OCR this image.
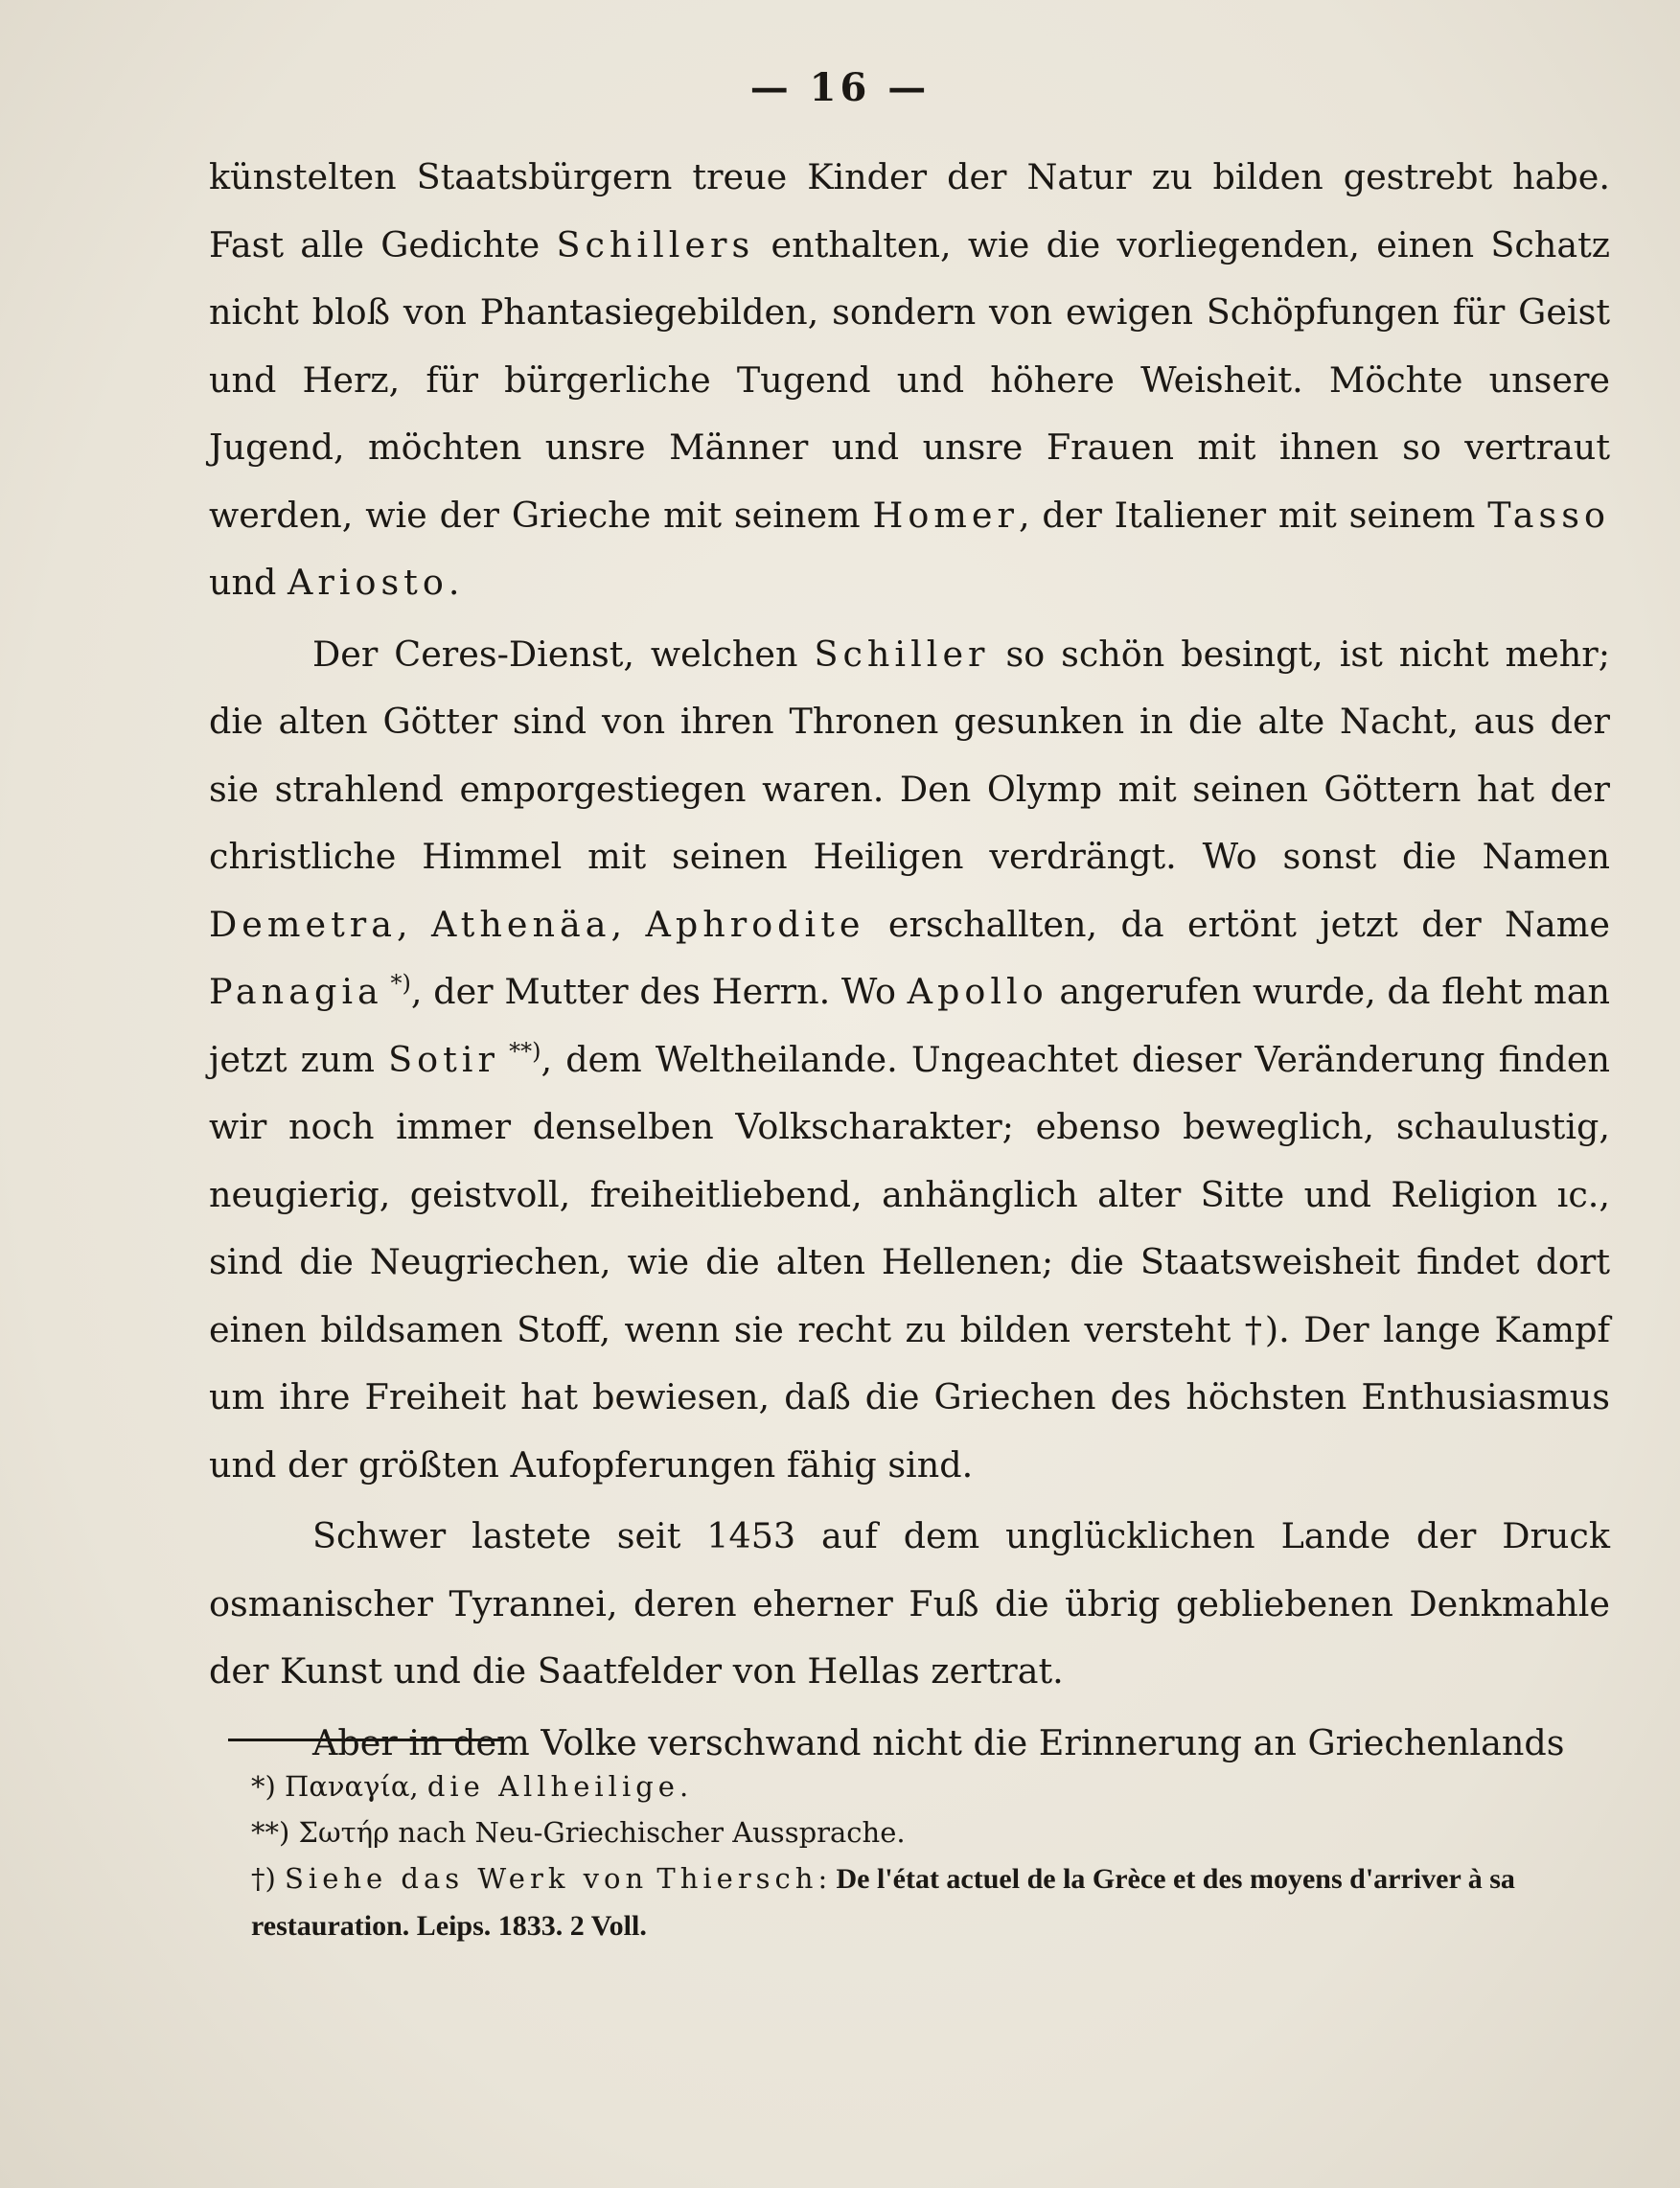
— 16 —

künstelten Staatsbürgern treue Kinder der Natur zu bilden gestrebt habe. Fast alle Gedichte Schillers enthalten, wie die vorliegenden, einen Schatz nicht bloß von Phantasiegebilden, sondern von ewigen Schöpfungen für Geist und Herz, für bürgerliche Tugend und höhere Weisheit. Möchte unsere Jugend, möchten unsre Männer und unsre Frauen mit ihnen so vertraut werden, wie der Grieche mit seinem Homer, der Italiener mit seinem Tasso und Ariosto.

Der Ceres-Dienst, welchen Schiller so schön besingt, ist nicht mehr; die alten Götter sind von ihren Thronen gesunken in die alte Nacht, aus der sie strahlend emporgestiegen waren. Den Olymp mit seinen Göttern hat der christliche Himmel mit seinen Heiligen verdrängt. Wo sonst die Namen Demetra, Athenäa, Aphrodite erschallten, da ertönt jetzt der Name Panagia *), der Mutter des Herrn. Wo Apollo angerufen wurde, da fleht man jetzt zum Sotir **), dem Weltheilande. Ungeachtet dieser Veränderung finden wir noch immer denselben Volkscharakter; ebenso beweglich, schaulustig, neugierig, geistvoll, freiheitliebend, anhänglich alter Sitte und Religion ıc., sind die Neugriechen, wie die alten Hellenen; die Staatsweisheit findet dort einen bildsamen Stoff, wenn sie recht zu bilden versteht †). Der lange Kampf um ihre Freiheit hat bewiesen, daß die Griechen des höchsten Enthusiasmus und der größten Aufopferungen fähig sind.

Schwer lastete seit 1453 auf dem unglücklichen Lande der Druck osmanischer Tyrannei, deren eherner Fuß die übrig gebliebenen Denkmahle der Kunst und die Saatfelder von Hellas zertrat.

Aber in dem Volke verschwand nicht die Erinnerung an Griechenlands

*) Παναγία, die Allheilige.

**) Σωτήρ nach Neu-Griechischer Aussprache.

†) Siehe das Werk von Thiersch: De l'état actuel de la Grèce et des moyens d'arriver à sa restauration. Leips. 1833. 2 Voll.
